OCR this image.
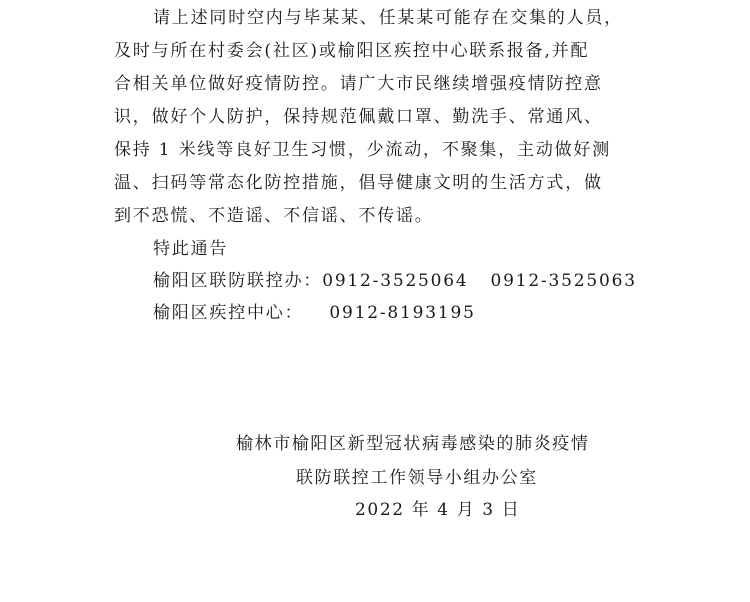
请上述同时空内与毕某某、任某某可能存在交集的人员，
及时与所在村委会(社区)或榆阳区疾控中心联系报备,并配
合相关单位做好疫情防控。请广大市民继续增强疫情防控意
识，做好个人防护，保持规范佩戴口罩、勤洗手、常通风、
保持 1 米线等良好卫生习惯，少流动，不聚集，主动做好测
温、扫码等常态化防控措施，倡导健康文明的生活方式，做
到不恐慌、不造谣、不信谣、不传谣。
特此通告
榆阳区联防联控办：0912-3525064 0912-3525063
榆阳区疾控中心： 0912-8193195
榆林市榆阳区新型冠状病毒感染的肺炎疫情
联防联控工作领导小组办公室
2022 年 4 月 3 日
